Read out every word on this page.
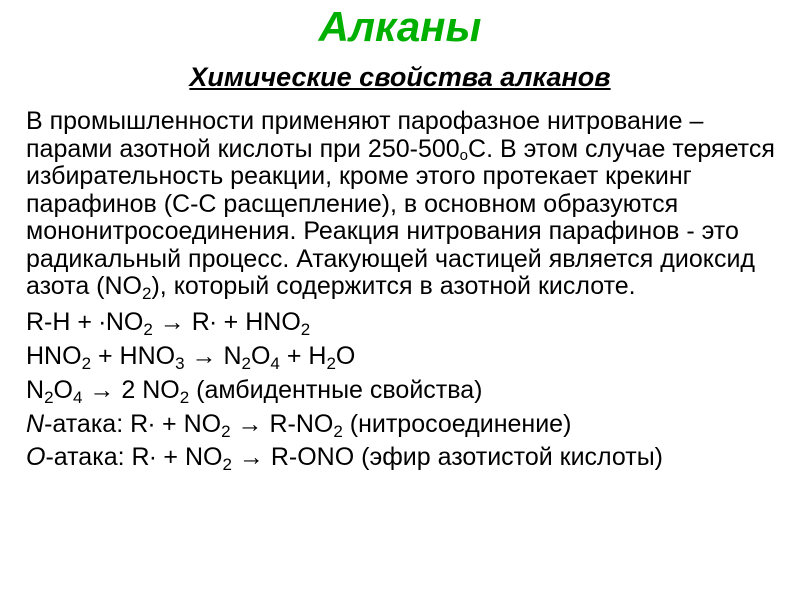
Алканы
Химические свойства алканов

В промышленности применяют парофазное нитрование – парами азотной кислоты при $250-500^оС$. В этом случае теряется избирательность реакции, кроме этого протекает крекинг парафинов (С-С расщепление), в основном образуются мононитросоединения. Реакция нитрования парафинов - это радикальный процесс. Атакующей частицей является диоксид азота $(NO_2)$, который содержится в азотной кислоте.

$R-H + \cdot NO_2 \to R\cdot + HNO_2$

$HNO_2 + HNO_3 \to N_2O_4 + H_2O$

$N_2O_4 \to 2$ $NO_2$ (амбидентные свойства)

N-атака: $R\cdot + NO_2 \to R-NO_2$ (нитросоединение)

O-атака: $R\cdot + NO_2 \to R-ONO$ (эфир азотистой кислоты)
